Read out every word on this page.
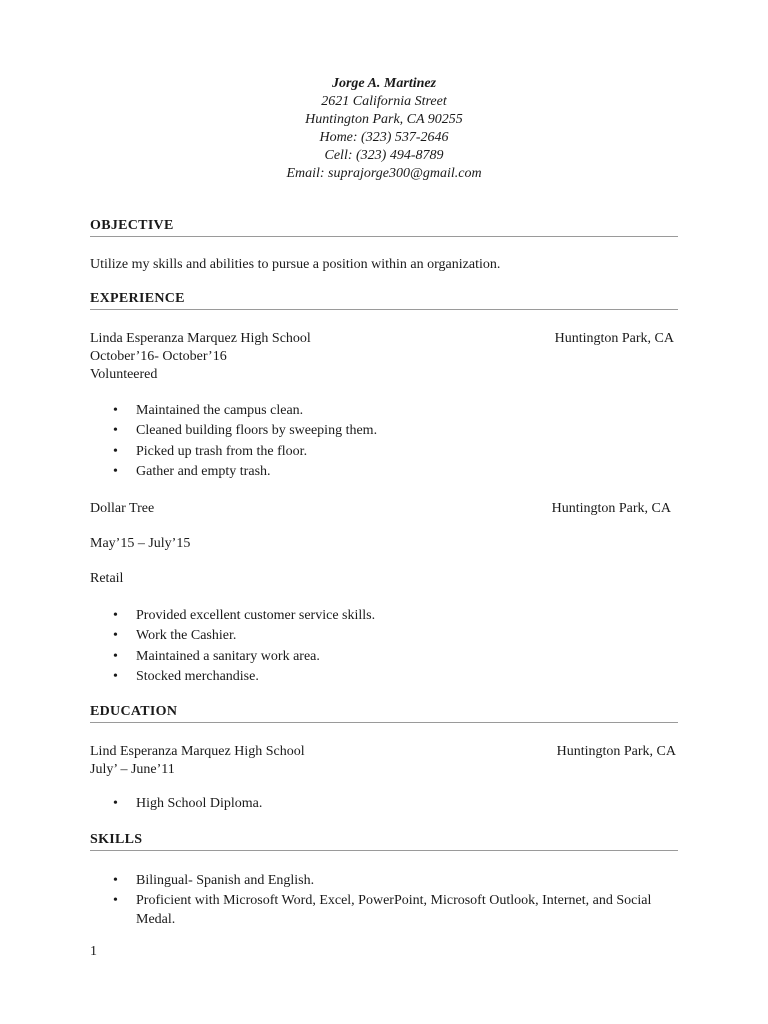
Jorge A. Martinez
2621 California Street
Huntington Park, CA 90255
Home: (323) 537-2646
Cell: (323) 494-8789
Email: suprajorge300@gmail.com
OBJECTIVE
Utilize my skills and abilities to pursue a position within an organization.
EXPERIENCE
Linda Esperanza Marquez High School	Huntington Park, CA
October’16- October’16
Volunteered
• Maintained the campus clean.
• Cleaned building floors by sweeping them.
• Picked up trash from the floor.
• Gather and empty trash.
Dollar Tree	Huntington Park, CA
May’15 – July’15
Retail
• Provided excellent customer service skills.
• Work the Cashier.
• Maintained a sanitary work area.
• Stocked merchandise.
EDUCATION
Lind Esperanza Marquez High School	Huntington Park, CA
July’ – June’11
• High School Diploma.
SKILLS
• Bilingual- Spanish and English.
• Proficient with Microsoft Word, Excel, PowerPoint, Microsoft Outlook, Internet, and Social Medal.
1
